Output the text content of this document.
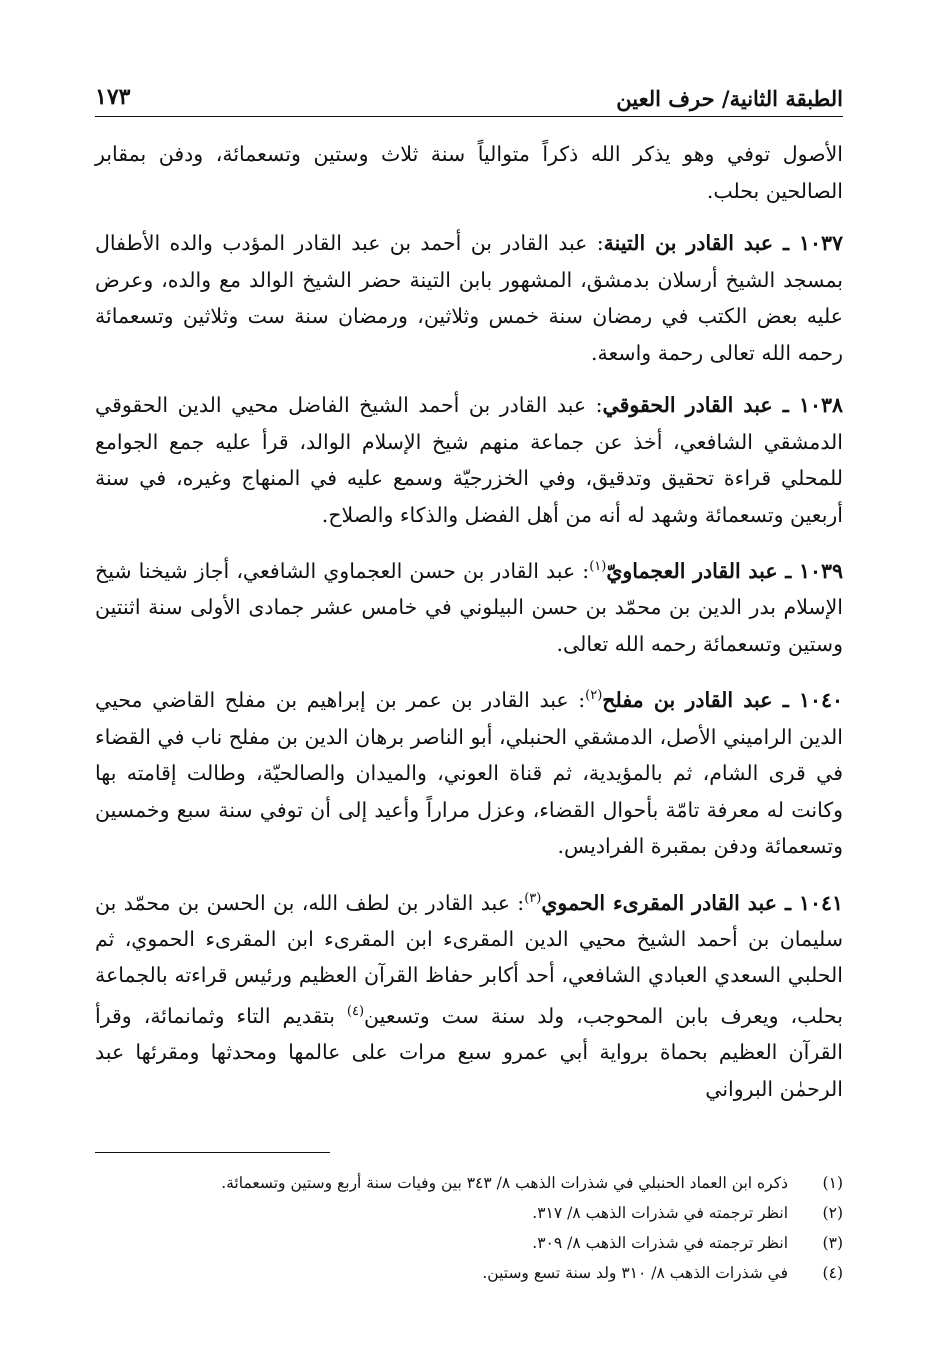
الطبقة الثانية/ حرف العين
١٧٣

الأصول توفي وهو يذكر الله ذكراً متوالياً سنة ثلاث وستين وتسعمائة، ودفن بمقابر الصالحين بحلب.

١٠٣٧ ـ عبد القادر بن التينة: عبد القادر بن أحمد بن عبد القادر المؤدب والده الأطفال بمسجد الشيخ أرسلان بدمشق، المشهور بابن التينة حضر الشيخ الوالد مع والده، وعرض عليه بعض الكتب في رمضان سنة خمس وثلاثين، ورمضان سنة ست وثلاثين وتسعمائة رحمه الله تعالى رحمة واسعة.

١٠٣٨ ـ عبد القادر الحقوقي: عبد القادر بن أحمد الشيخ الفاضل محيي الدين الحقوقي الدمشقي الشافعي، أخذ عن جماعة منهم شيخ الإسلام الوالد، قرأ عليه جمع الجوامع للمحلي قراءة تحقيق وتدقيق، وفي الخزرجيّة وسمع عليه في المنهاج وغيره، في سنة أربعين وتسعمائة وشهد له أنه من أهل الفضل والذكاء والصلاح.

١٠٣٩ ـ عبد القادر العجماويّ$^{(١)}$: عبد القادر بن حسن العجماوي الشافعي، أجاز شيخنا شيخ الإسلام بدر الدين بن محمّد بن حسن البيلوني في خامس عشر جمادى الأولى سنة اثنتين وستين وتسعمائة رحمه الله تعالى.

١٠٤٠ ـ عبد القادر بن مفلح$^{(٢)}$: عبد القادر بن عمر بن إبراهيم بن مفلح القاضي محيي الدين الراميني الأصل، الدمشقي الحنبلي، أبو الناصر برهان الدين بن مفلح ناب في القضاء في قرى الشام، ثم بالمؤيدية، ثم قناة العوني، والميدان والصالحيّة، وطالت إقامته بها وكانت له معرفة تامّة بأحوال القضاء، وعزل مراراً وأعيد إلى أن توفي سنة سبع وخمسين وتسعمائة ودفن بمقبرة الفراديس.

١٠٤١ ـ عبد القادر المقرىء الحموي$^{(٣)}$: عبد القادر بن لطف الله، بن الحسن بن محمّد بن سليمان بن أحمد الشيخ محيي الدين المقرىء ابن المقرىء ابن المقرىء الحموي، ثم الحلبي السعدي العبادي الشافعي، أحد أكابر حفاظ القرآن العظيم ورئيس قراءته بالجماعة بحلب، ويعرف بابن المحوجب، ولد سنة ست وتسعين$^{(٤)}$ بتقديم التاء وثمانمائة، وقرأ القرآن العظيم بحماة برواية أبي عمرو سبع مرات على عالمها ومحدثها ومقرئها عبد الرحمٰن البرواني

(١)
ذكره ابن العماد الحنبلي في شذرات الذهب ٨/ ٣٤٣ بين وفيات سنة أربع وستين وتسعمائة.
(٢)
انظر ترجمته في شذرات الذهب ٨/ ٣١٧.
(٣)
انظر ترجمته في شذرات الذهب ٨/ ٣٠٩.
(٤)
في شذرات الذهب ٨/ ٣١٠ ولد سنة تسع وستين.
